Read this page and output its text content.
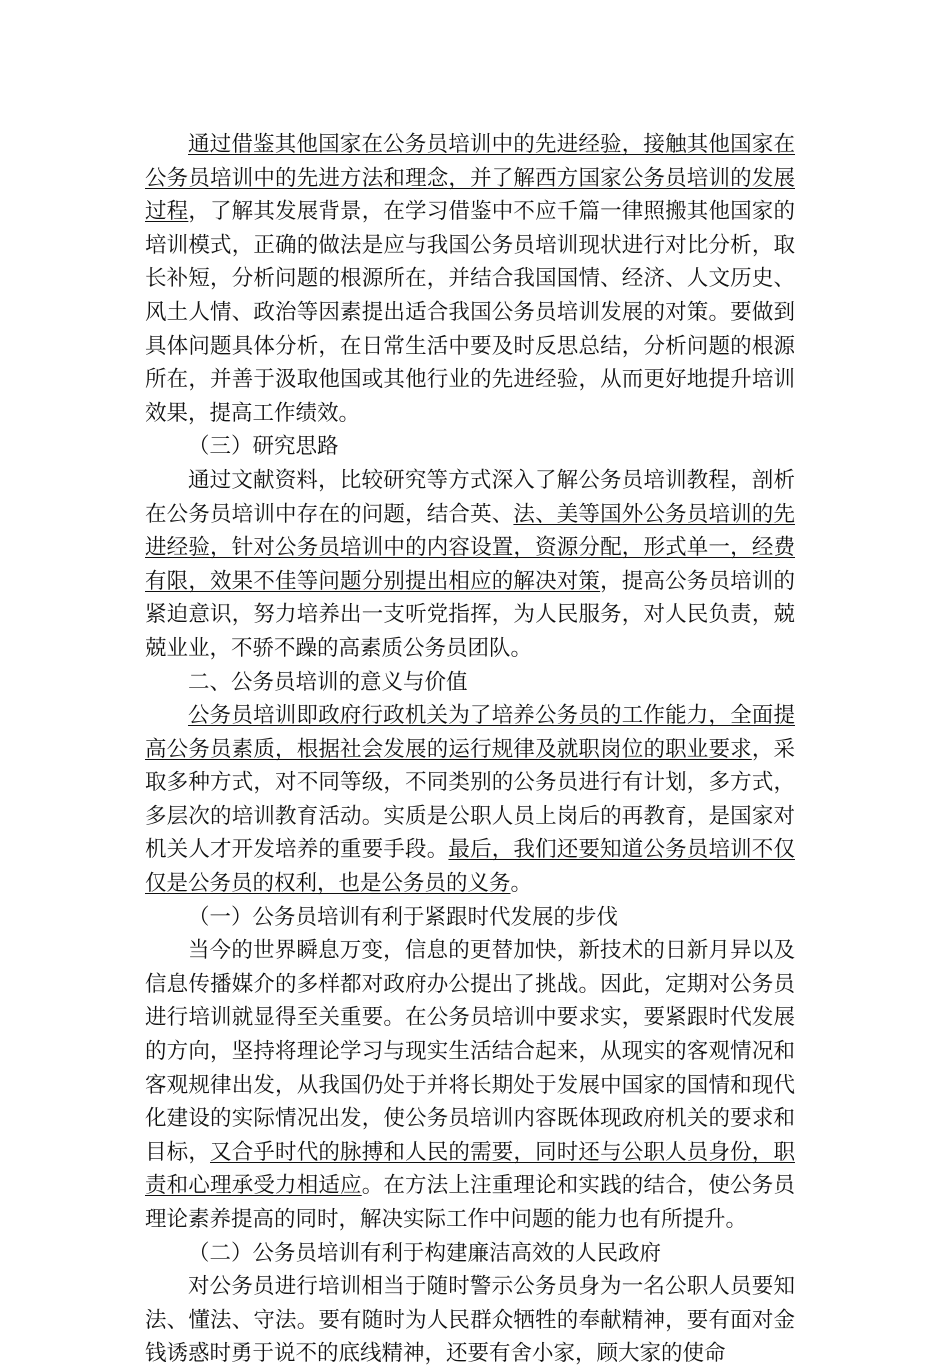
通过借鉴其他国家在公务员培训中的先进经验，接触其他国家在公务员培训中的先进方法和理念，并了解西方国家公务员培训的发展过程，了解其发展背景，在学习借鉴中不应千篇一律照搬其他国家的培训模式，正确的做法是应与我国公务员培训现状进行对比分析，取长补短，分析问题的根源所在，并结合我国国情、经济、人文历史、风土人情、政治等因素提出适合我国公务员培训发展的对策。要做到具体问题具体分析，在日常生活中要及时反思总结，分析问题的根源所在，并善于汲取他国或其他行业的先进经验，从而更好地提升培训效果，提高工作绩效。

（三）研究思路

通过文献资料，比较研究等方式深入了解公务员培训教程，剖析在公务员培训中存在的问题，结合英、法、美等国外公务员培训的先进经验，针对公务员培训中的内容设置，资源分配，形式单一，经费有限，效果不佳等问题分别提出相应的解决对策，提高公务员培训的紧迫意识，努力培养出一支听党指挥，为人民服务，对人民负责，兢兢业业，不骄不躁的高素质公务员团队。

二、公务员培训的意义与价值

公务员培训即政府行政机关为了培养公务员的工作能力，全面提高公务员素质，根据社会发展的运行规律及就职岗位的职业要求，采取多种方式，对不同等级，不同类别的公务员进行有计划，多方式，多层次的培训教育活动。实质是公职人员上岗后的再教育，是国家对机关人才开发培养的重要手段。最后，我们还要知道公务员培训不仅仅是公务员的权利，也是公务员的义务。

（一）公务员培训有利于紧跟时代发展的步伐

当今的世界瞬息万变，信息的更替加快，新技术的日新月异以及信息传播媒介的多样都对政府办公提出了挑战。因此，定期对公务员进行培训就显得至关重要。在公务员培训中要求实，要紧跟时代发展的方向，坚持将理论学习与现实生活结合起来，从现实的客观情况和客观规律出发，从我国仍处于并将长期处于发展中国家的国情和现代化建设的实际情况出发，使公务员培训内容既体现政府机关的要求和目标，又合乎时代的脉搏和人民的需要，同时还与公职人员身份，职责和心理承受力相适应。在方法上注重理论和实践的结合，使公务员理论素养提高的同时，解决实际工作中问题的能力也有所提升。

（二）公务员培训有利于构建廉洁高效的人民政府

对公务员进行培训相当于随时警示公务员身为一名公职人员要知法、懂法、守法。要有随时为人民群众牺牲的奉献精神，要有面对金钱诱惑时勇于说不的底线精神，还要有舍小家，顾大家的使命
